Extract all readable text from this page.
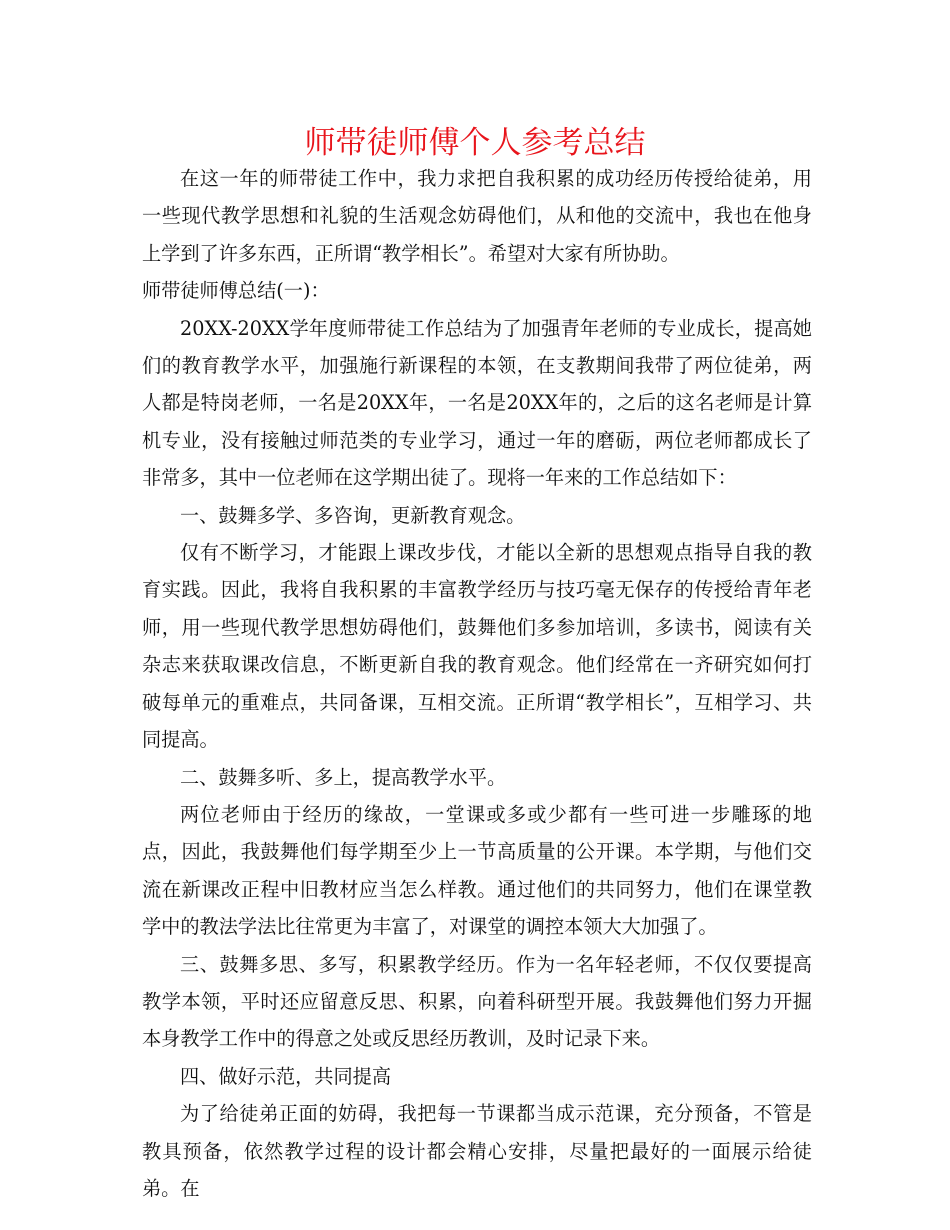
师带徒师傅个人参考总结

在这一年的师带徒工作中，我力求把自我积累的成功经历传授给徒弟，用一些现代教学思想和礼貌的生活观念妨碍他们，从和他的交流中，我也在他身上学到了许多东西，正所谓“教学相长”。希望对大家有所协助。

师带徒师傅总结(一)：

20XX-20XX学年度师带徒工作总结为了加强青年老师的专业成长，提高她们的教育教学水平，加强施行新课程的本领，在支教期间我带了两位徒弟，两人都是特岗老师，一名是20XX年，一名是20XX年的，之后的这名老师是计算机专业，没有接触过师范类的专业学习，通过一年的磨砺，两位老师都成长了非常多，其中一位老师在这学期出徒了。现将一年来的工作总结如下：

一、鼓舞多学、多咨询，更新教育观念。

仅有不断学习，才能跟上课改步伐，才能以全新的思想观点指导自我的教育实践。因此，我将自我积累的丰富教学经历与技巧毫无保存的传授给青年老师，用一些现代教学思想妨碍他们，鼓舞他们多参加培训，多读书，阅读有关杂志来获取课改信息，不断更新自我的教育观念。他们经常在一齐研究如何打破每单元的重难点，共同备课，互相交流。正所谓“教学相长”，互相学习、共同提高。

二、鼓舞多听、多上，提高教学水平。

两位老师由于经历的缘故，一堂课或多或少都有一些可进一步雕琢的地点，因此，我鼓舞他们每学期至少上一节高质量的公开课。本学期，与他们交流在新课改正程中旧教材应当怎么样教。通过他们的共同努力，他们在课堂教学中的教法学法比往常更为丰富了，对课堂的调控本领大大加强了。

三、鼓舞多思、多写，积累教学经历。作为一名年轻老师，不仅仅要提高教学本领，平时还应留意反思、积累，向着科研型开展。我鼓舞他们努力开掘本身教学工作中的得意之处或反思经历教训，及时记录下来。

四、做好示范，共同提高

为了给徒弟正面的妨碍，我把每一节课都当成示范课，充分预备，不管是教具预备，依然教学过程的设计都会精心安排，尽量把最好的一面展示给徒弟。在
